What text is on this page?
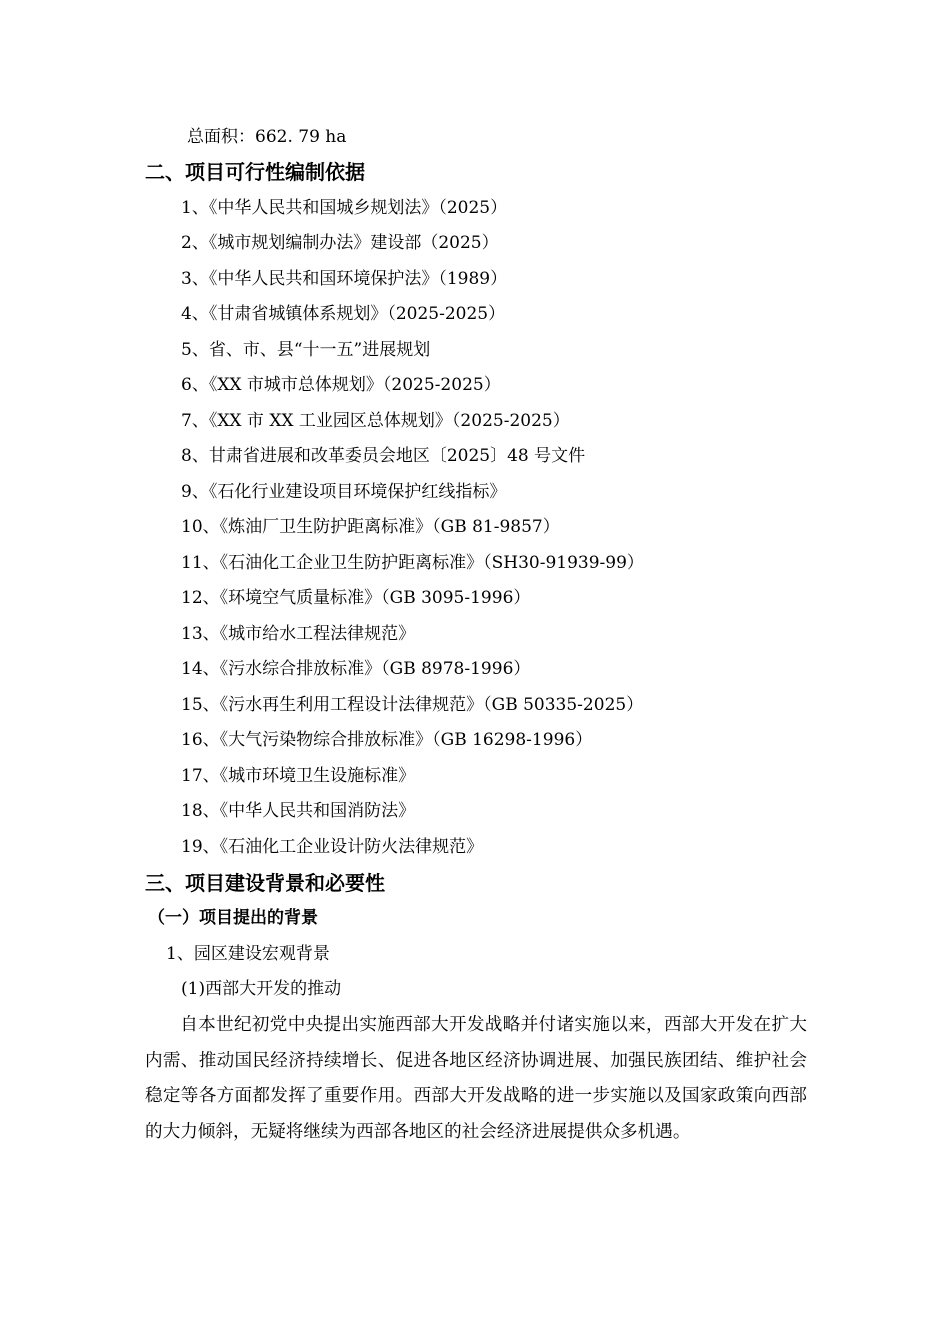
总面积：662. 79 ha
二、项目可行性编制依据
1、《中华人民共和国城乡规划法》（2025）
2、《城市规划编制办法》建设部（2025）
3、《中华人民共和国环境保护法》（1989）
4、《甘肃省城镇体系规划》（2025-2025）
5、省、市、县“十一五”进展规划
6、《XX 市城市总体规划》（2025-2025）
7、《XX 市 XX 工业园区总体规划》（2025-2025）
8、甘肃省进展和改革委员会地区〔2025〕48 号文件
9、《石化行业建设项目环境保护红线指标》
10、《炼油厂卫生防护距离标准》（GB 81-9857）
11、《石油化工企业卫生防护距离标准》（SH30-91939-99）
12、《环境空气质量标准》（GB 3095-1996）
13、《城市给水工程法律规范》
14、《污水综合排放标准》（GB 8978-1996）
15、《污水再生利用工程设计法律规范》（GB 50335-2025）
16、《大气污染物综合排放标准》（GB 16298-1996）
17、《城市环境卫生设施标准》
18、《中华人民共和国消防法》
19、《石油化工企业设计防火法律规范》
三、项目建设背景和必要性
（一）项目提出的背景
1、园区建设宏观背景
(1)西部大开发的推动
自本世纪初党中央提出实施西部大开发战略并付诸实施以来，西部大开发在扩大内需、推动国民经济持续增长、促进各地区经济协调进展、加强民族团结、维护社会稳定等各方面都发挥了重要作用。西部大开发战略的进一步实施以及国家政策向西部的大力倾斜，无疑将继续为西部各地区的社会经济进展提供众多机遇。
